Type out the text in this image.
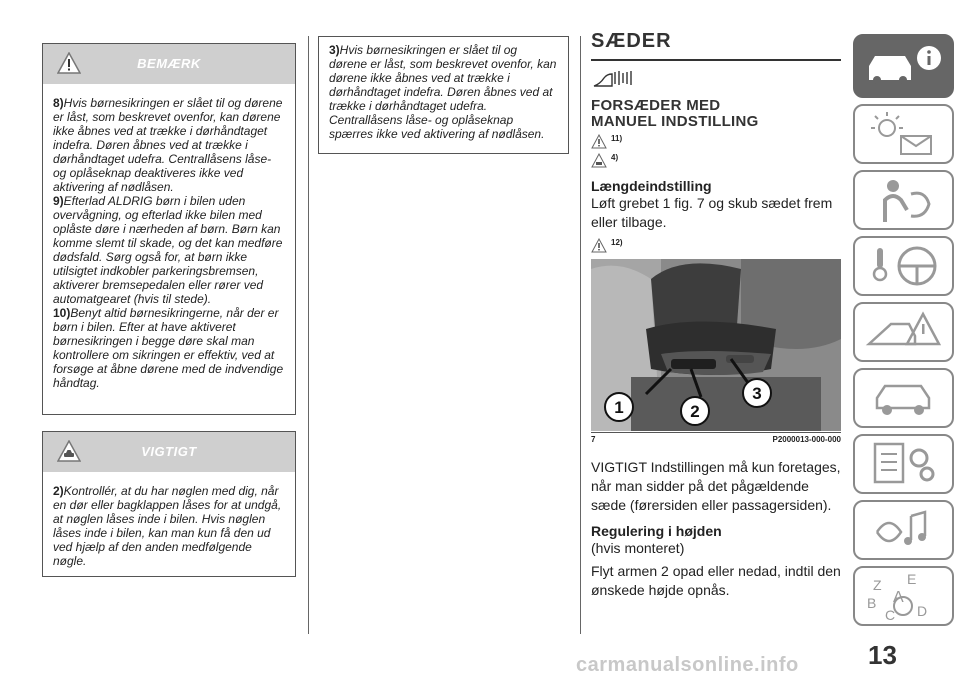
BEMÆRK

8)Hvis børnesikringen er slået til og dørene er låst, som beskrevet ovenfor, kan dørene ikke åbnes ved at trække i dørhåndtaget indefra. Døren åbnes ved at trække i dørhåndtaget udefra. Centrallåsens låse- og oplåseknap deaktiveres ikke ved aktivering af nødlåsen.

9)Efterlad ALDRIG børn i bilen uden overvågning, og efterlad ikke bilen med oplåste døre i nærheden af børn. Børn kan komme slemt til skade, og det kan medføre dødsfald. Sørg også for, at børn ikke utilsigtet indkobler parkeringsbremsen, aktiverer bremsepedalen eller rører ved automatgearet (hvis til stede).

10)Benyt altid børnesikringerne, når der er børn i bilen. Efter at have aktiveret børnesikringen i begge døre skal man kontrollere om sikringen er effektiv, ved at forsøge at åbne dørene med de indvendige håndtag.

VIGTIGT

2)Kontrollér, at du har nøglen med dig, når en dør eller bagklappen låses for at undgå, at nøglen låses inde i bilen. Hvis nøglen låses inde i bilen, kan man kun få den ud ved hjælp af den anden medfølgende nøgle.

3)Hvis børnesikringen er slået til og dørene er låst, som beskrevet ovenfor, kan dørene ikke åbnes ved at trække i dørhåndtaget indefra. Døren åbnes ved at trække i dørhåndtaget udefra. Centrallåsens låse- og oplåseknap spærres ikke ved aktivering af nødlåsen.

SÆDER
FORSÆDER MED
MANUEL INDSTILLING
11)
4)
Længdeindstilling
Løft grebet 1 fig. 7 og skub sædet frem eller tilbage.
12)
1	2
3
7	P2000013-000-000
VIGTIGT Indstillingen må kun foretages, når man sidder på det pågældende sæde (førersiden eller passagersiden).
Regulering i højden
(hvis monteret)
Flyt armen 2 opad eller nedad, indtil den ønskede højde opnås.	Z E
B A
C D
13
carmanualsonline.info
